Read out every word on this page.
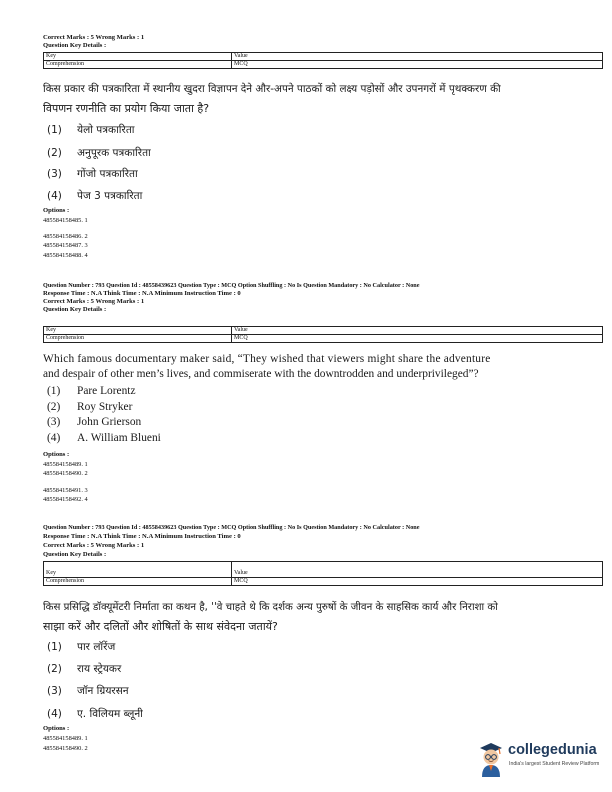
Correct Marks : 5 Wrong Marks : 1
Question Key Details :
Key	Value
Comprehension	MCQ
किस प्रकार की पत्रकारिता में स्थानीय खुदरा विज्ञापन देने और-अपने पाठकों को लक्ष्य पड़ोसों और उपनगरों में पृथक्करण की
विपणन रणनीति का प्रयोग किया जाता है?
(1) येलो पत्रकारिता
(2) अनुपूरक पत्रकारिता
(3) गोंजो पत्रकारिता
(4) पेज 3 पत्रकारिता
Options :
485584158485. 1
485584158486. 2
485584158487. 3
485584158488. 4
Question Number : 793 Question Id : 48558439623 Question Type : MCQ Option Shuffling : No Is Question Mandatory : No Calculator : None
Response Time : N.A Think Time : N.A Minimum Instruction Time : 0
Correct Marks : 5 Wrong Marks : 1
Question Key Details :
Key	Value
Comprehension	MCQ
Which famous documentary maker said, “They wished that viewers might share the adventure
and despair of other men’s lives, and commiserate with the downtrodden and underprivileged”?
(1) Pare Lorentz
(2) Roy Stryker
(3) John Grierson
(4) A. William Blueni
Options :
485584158489. 1
485584158490. 2
485584158491. 3
485584158492. 4
Question Number : 793 Question Id : 48558439623 Question Type : MCQ Option Shuffling : No Is Question Mandatory : No Calculator : None
Response Time : N.A Think Time : N.A Minimum Instruction Time : 0
Correct Marks : 5 Wrong Marks : 1
Question Key Details :
Key	Value
Comprehension	MCQ
किस प्रसिद्धि डॉक्यूमेंटरी निर्माता का कथन है, ''वे चाहते थे कि दर्शक अन्य पुरुषों के जीवन के साहसिक कार्य और निराशा को
साझा करें और दलितों और शोषितों के साथ संवेदना जतायें?
(1) पार लॉरेंज
(2) राय स्ट्रेयकर
(3) जॉन ग्रियरसन
(4) ए. विलियम ब्लूनी
Options :
485584158489. 1
485584158490. 2	collegedunia
India's largest Student Review Platform
